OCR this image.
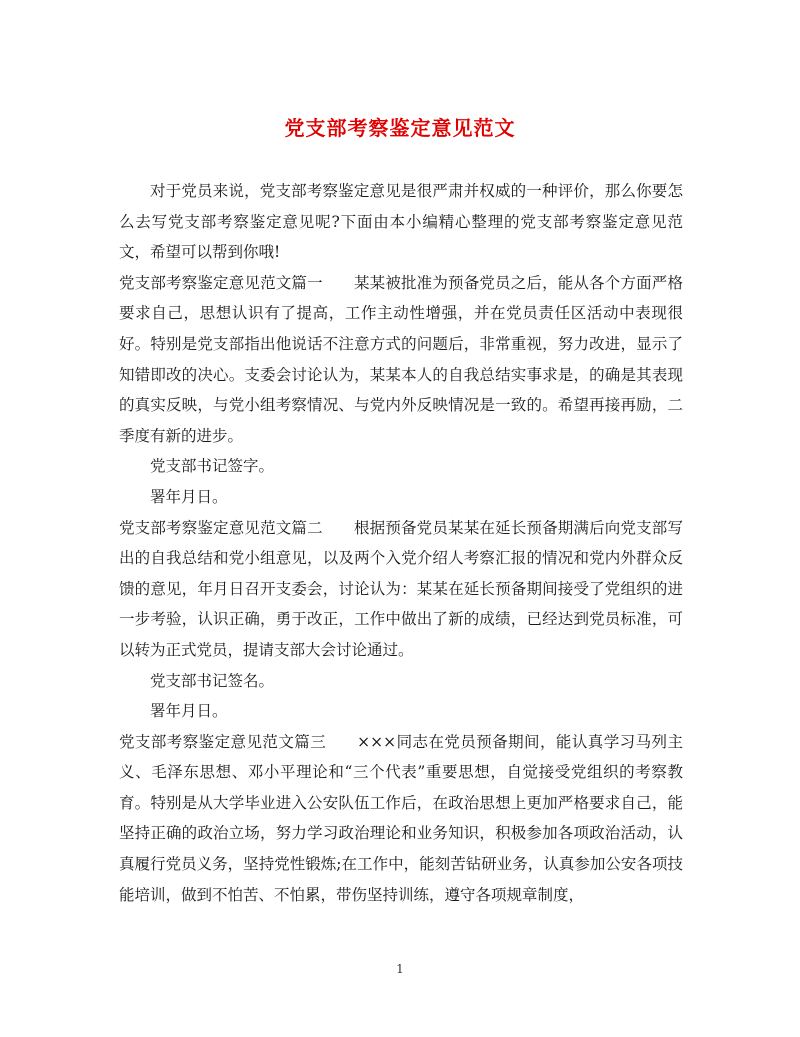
党支部考察鉴定意见范文

对于党员来说，党支部考察鉴定意见是很严肃并权威的一种评价，那么你要怎么去写党支部考察鉴定意见呢?下面由本小编精心整理的党支部考察鉴定意见范文，希望可以帮到你哦!

党支部考察鉴定意见范文篇一 某某被批准为预备党员之后，能从各个方面严格要求自己，思想认识有了提高，工作主动性增强，并在党员责任区活动中表现很好。特别是党支部指出他说话不注意方式的问题后，非常重视，努力改进，显示了知错即改的决心。支委会讨论认为，某某本人的自我总结实事求是，的确是其表现的真实反映，与党小组考察情况、与党内外反映情况是一致的。希望再接再励，二季度有新的进步。

党支部书记签字。

署年月日。

党支部考察鉴定意见范文篇二 根据预备党员某某在延长预备期满后向党支部写出的自我总结和党小组意见，以及两个入党介绍人考察汇报的情况和党内外群众反馈的意见，年月日召开支委会，讨论认为：某某在延长预备期间接受了党组织的进一步考验，认识正确，勇于改正，工作中做出了新的成绩，已经达到党员标准，可以转为正式党员，提请支部大会讨论通过。

党支部书记签名。

署年月日。

党支部考察鉴定意见范文篇三 ×××同志在党员预备期间，能认真学习马列主义、毛泽东思想、邓小平理论和“三个代表”重要思想，自觉接受党组织的考察教育。特别是从大学毕业进入公安队伍工作后，在政治思想上更加严格要求自己，能坚持正确的政治立场，努力学习政治理论和业务知识，积极参加各项政治活动，认真履行党员义务，坚持党性锻炼;在工作中，能刻苦钻研业务，认真参加公安各项技能培训，做到不怕苦、不怕累，带伤坚持训练，遵守各项规章制度，

1
